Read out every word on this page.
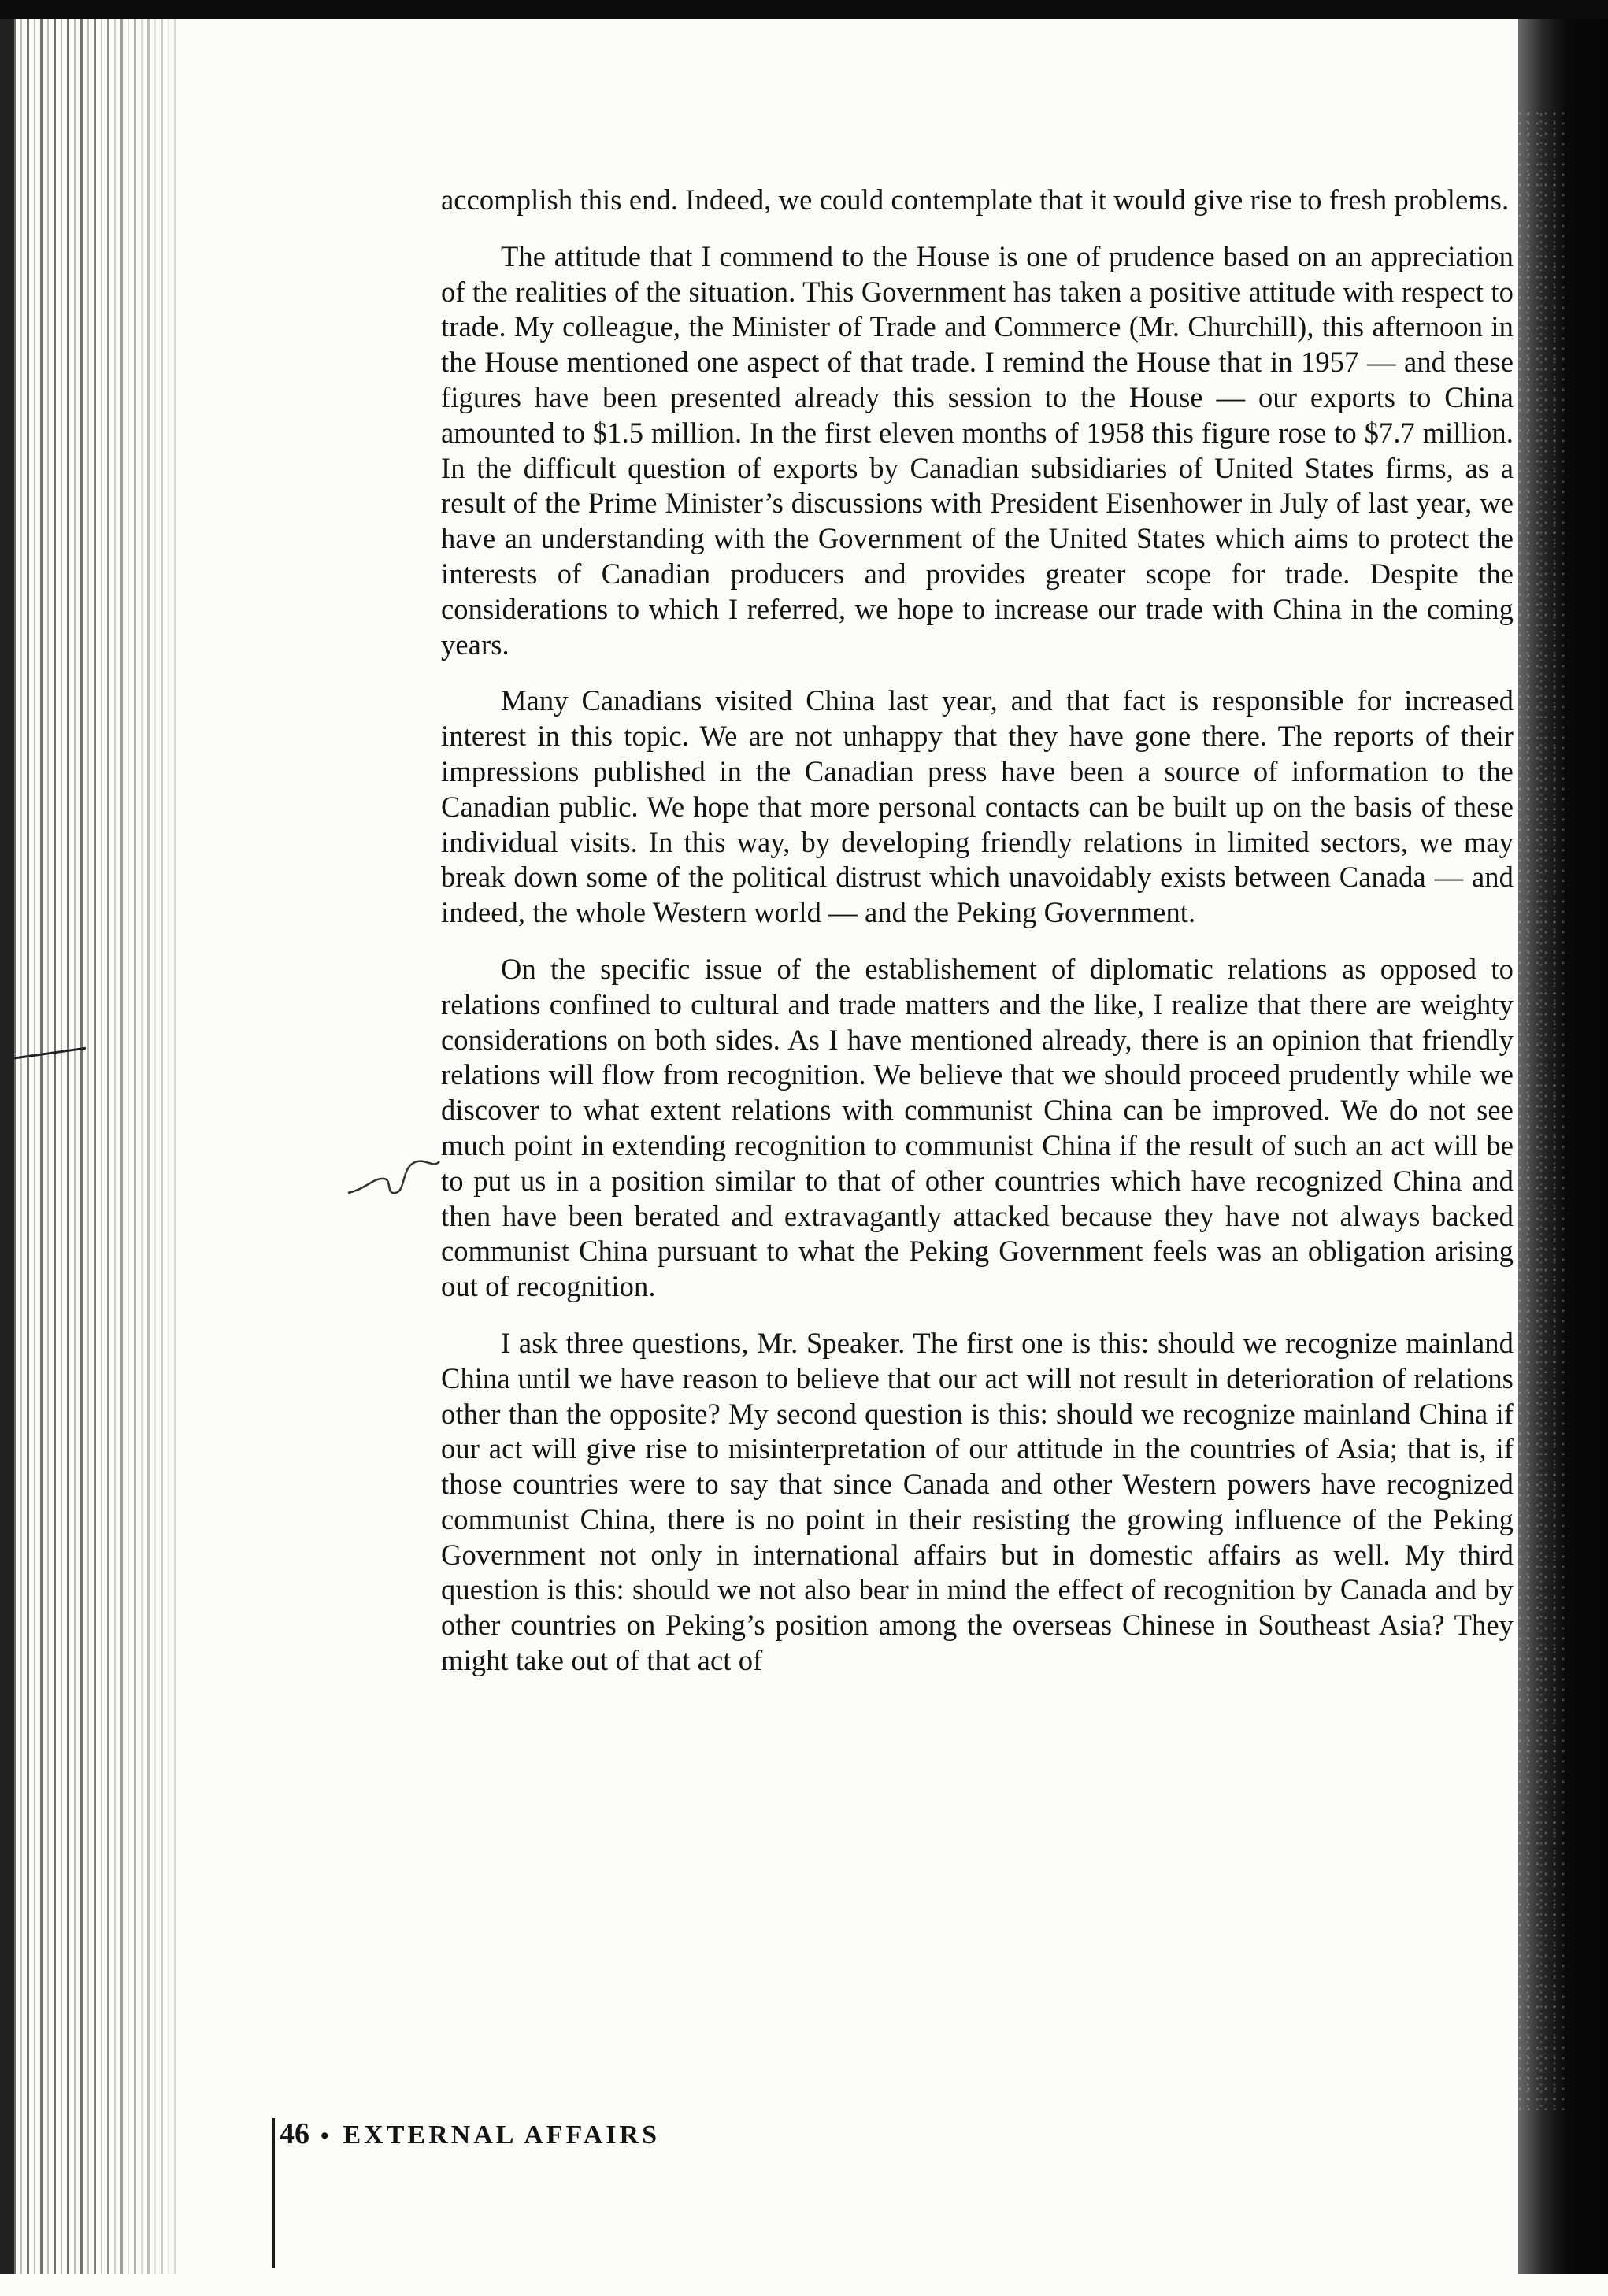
accomplish this end. Indeed, we could contemplate that it would give rise to fresh problems.

The attitude that I commend to the House is one of prudence based on an appreciation of the realities of the situation. This Government has taken a positive attitude with respect to trade. My colleague, the Minister of Trade and Commerce (Mr. Churchill), this afternoon in the House mentioned one aspect of that trade. I remind the House that in 1957 — and these figures have been presented already this session to the House — our exports to China amounted to $1.5 million. In the first eleven months of 1958 this figure rose to $7.7 million. In the difficult question of exports by Canadian subsidiaries of United States firms, as a result of the Prime Minister’s discussions with President Eisenhower in July of last year, we have an understanding with the Government of the United States which aims to protect the interests of Canadian producers and provides greater scope for trade. Despite the considerations to which I referred, we hope to increase our trade with China in the coming years.

Many Canadians visited China last year, and that fact is responsible for increased interest in this topic. We are not unhappy that they have gone there. The reports of their impressions published in the Canadian press have been a source of information to the Canadian public. We hope that more personal contacts can be built up on the basis of these individual visits. In this way, by developing friendly relations in limited sectors, we may break down some of the political distrust which unavoidably exists between Canada — and indeed, the whole Western world — and the Peking Government.

On the specific issue of the establishement of diplomatic relations as opposed to relations confined to cultural and trade matters and the like, I realize that there are weighty considerations on both sides. As I have mentioned already, there is an opinion that friendly relations will flow from recognition. We believe that we should proceed prudently while we discover to what extent relations with communist China can be improved. We do not see much point in extending recognition to communist China if the result of such an act will be to put us in a position similar to that of other countries which have recognized China and then have been berated and extravagantly attacked because they have not always backed communist China pursuant to what the Peking Government feels was an obligation arising out of recognition.

I ask three questions, Mr. Speaker. The first one is this: should we recognize mainland China until we have reason to believe that our act will not result in deterioration of relations other than the opposite? My second question is this: should we recognize mainland China if our act will give rise to misinterpretation of our attitude in the countries of Asia; that is, if those countries were to say that since Canada and other Western powers have recognized communist China, there is no point in their resisting the growing influence of the Peking Government not only in international affairs but in domestic affairs as well. My third question is this: should we not also bear in mind the effect of recognition by Canada and by other countries on Peking’s position among the overseas Chinese in Southeast Asia? They might take out of that act of

46 • EXTERNAL AFFAIRS
